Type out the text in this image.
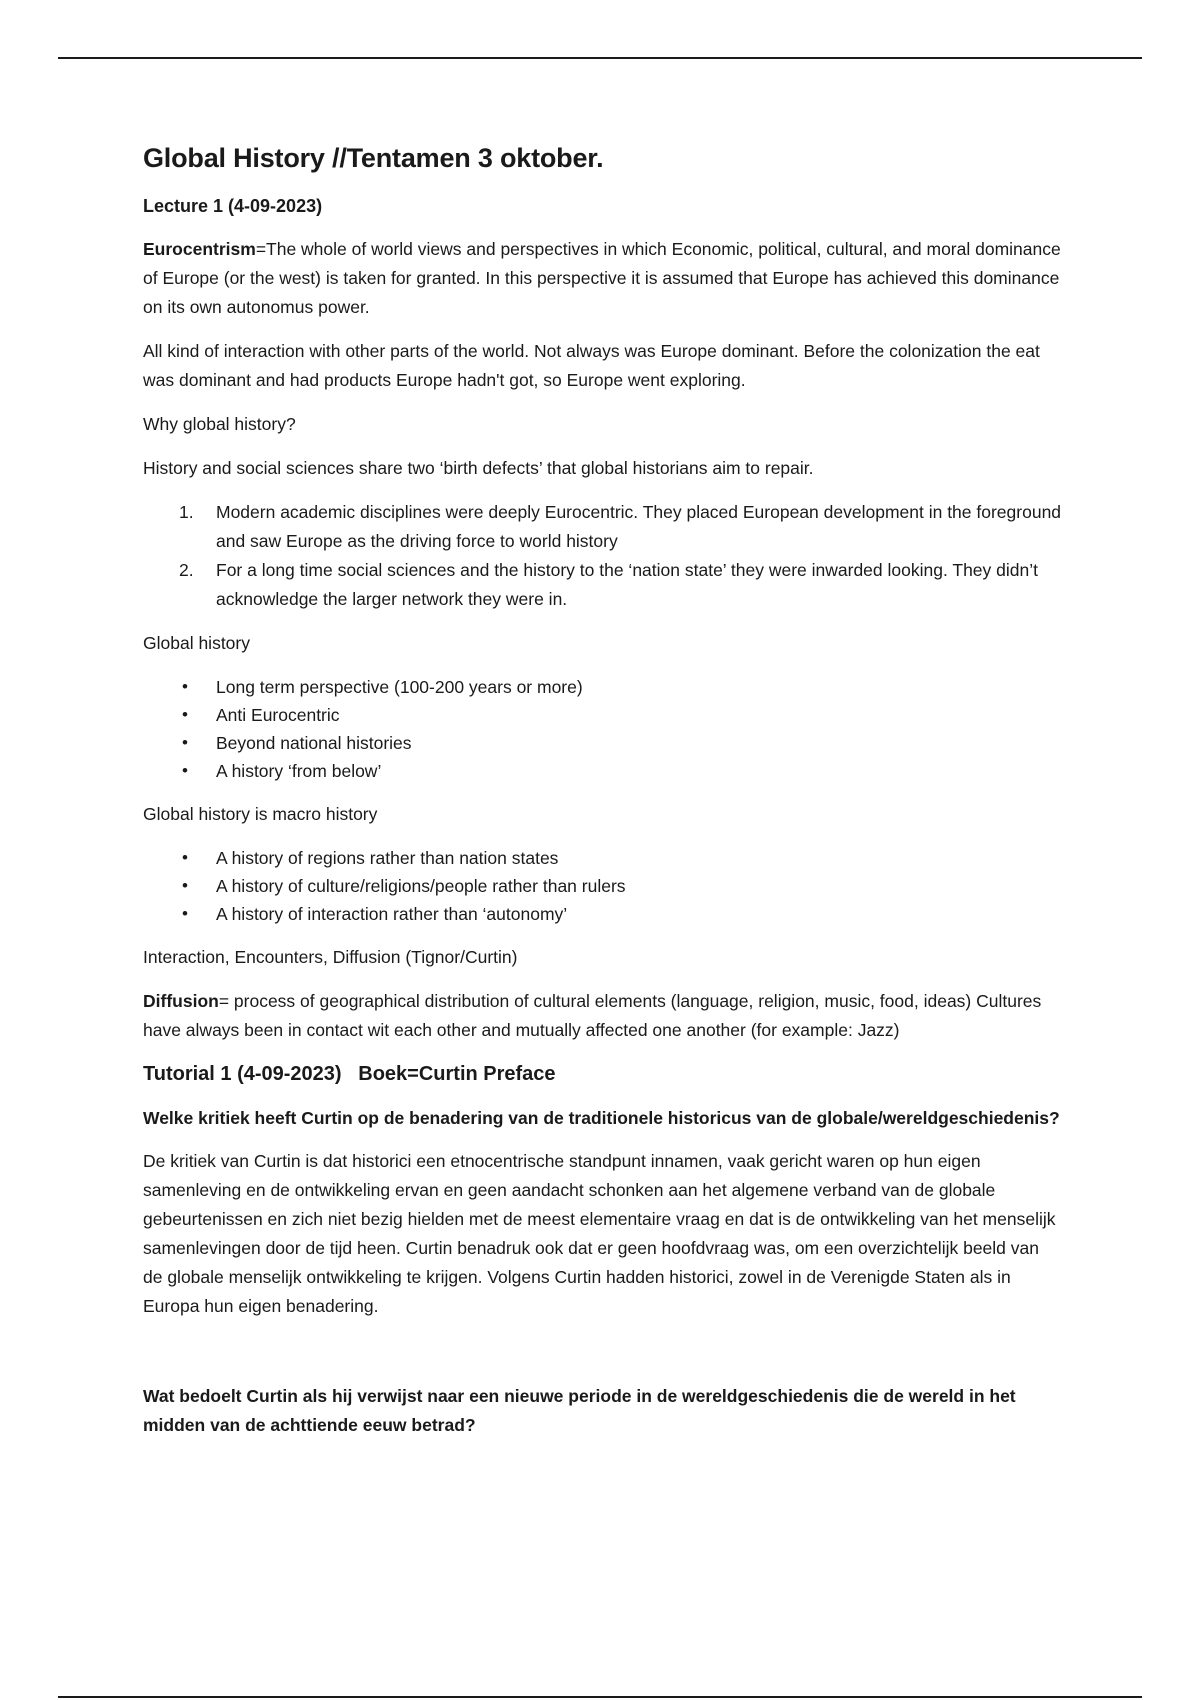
Global History //Tentamen 3 oktober.
Lecture 1 (4-09-2023)

Eurocentrism=The whole of world views and perspectives in which Economic, political, cultural, and moral dominance of Europe (or the west) is taken for granted. In this perspective it is assumed that Europe has achieved this dominance on its own autonomus power.

All kind of interaction with other parts of the world. Not always was Europe dominant. Before the colonization the eat was dominant and had products Europe hadn't got, so Europe went exploring.

Why global history?

History and social sciences share two ‘birth defects’ that global historians aim to repair.

1. Modern academic disciplines were deeply Eurocentric. They placed European development in the foreground and saw Europe as the driving force to world history
2. For a long time social sciences and the history to the ‘nation state’ they were inwarded looking. They didn’t acknowledge the larger network they were in.

Global history

• Long term perspective (100-200 years or more)
• Anti Eurocentric
• Beyond national histories
• A history ‘from below’

Global history is macro history

• A history of regions rather than nation states
• A history of culture/religions/people rather than rulers
• A history of interaction rather than ‘autonomy’

Interaction, Encounters, Diffusion (Tignor/Curtin)

Diffusion= process of geographical distribution of cultural elements (language, religion, music, food, ideas) Cultures have always been in contact wit each other and mutually affected one another (for example: Jazz)

Tutorial 1 (4-09-2023)   Boek=Curtin Preface
Welke kritiek heeft Curtin op de benadering van de traditionele historicus van de globale/wereldgeschiedenis?

De kritiek van Curtin is dat historici een etnocentrische standpunt innamen, vaak gericht waren op hun eigen samenleving en de ontwikkeling ervan en geen aandacht schonken aan het algemene verband van de globale gebeurtenissen en zich niet bezig hielden met de meest elementaire vraag en dat is de ontwikkeling van het menselijk samenlevingen door de tijd heen. Curtin benadruk ook dat er geen hoofdvraag was, om een overzichtelijk beeld van de globale menselijk ontwikkeling te krijgen. Volgens Curtin hadden historici, zowel in de Verenigde Staten als in Europa hun eigen benadering.

Wat bedoelt Curtin als hij verwijst naar een nieuwe periode in de wereldgeschiedenis die de wereld in het midden van de achttiende eeuw betrad?
